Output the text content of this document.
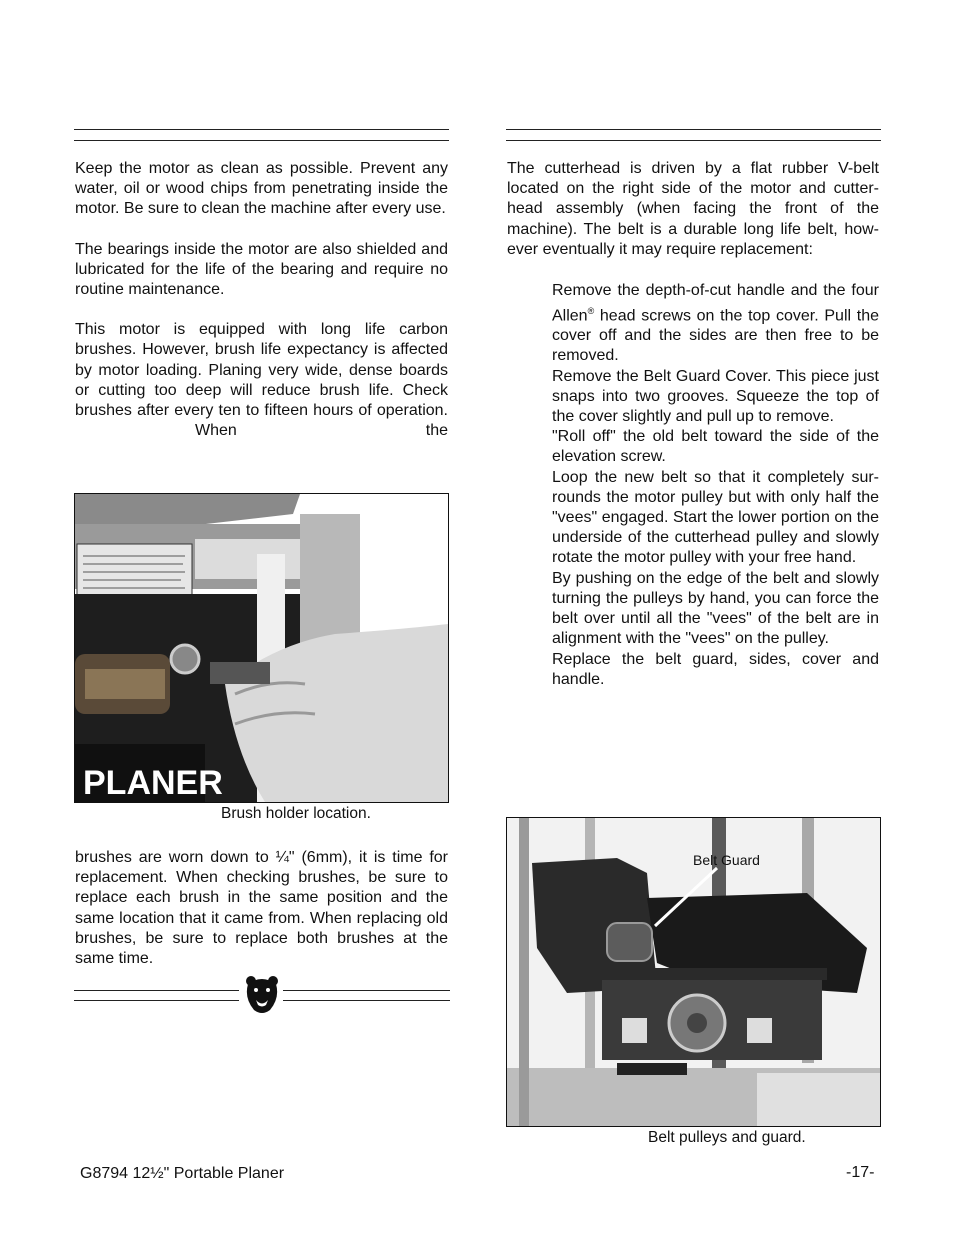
Keep the motor as clean as possible. Prevent any water, oil or wood chips from penetrating inside the motor. Be sure to clean the machine after every use.

The bearings inside the motor are also shielded and lubricated for the life of the bearing and require no routine maintenance.

This motor is equipped with long life carbon brushes. However, brush life expectancy is affected by motor loading. Planing very wide, dense boards or cutting too deep will reduce brush life. Check brushes after every ten to fifteen hours of operation.When the

PLANER
Brush holder location.

brushes are worn down to ¼" (6mm), it is time for replacement. When checking brushes, be sure to replace each brush in the same position and the same location that it came from. When replacing old brushes, be sure to replace both brushes at the same time.

The cutterhead is driven by a flat rubber V-belt located on the right side of the motor and cutter-head assembly (when facing the front of the machine). The belt is a durable long life belt, how-ever eventually it may require replacement:

Remove the depth-of-cut handle and the four Allen® head screws on the top cover. Pull the cover off and the sides are then free to be removed.

Remove the Belt Guard Cover. This piece just snaps into two grooves. Squeeze the top of the cover slightly and pull up to remove.

"Roll off" the old belt toward the side of the elevation screw.

Loop the new belt so that it completely sur-rounds the motor pulley but with only half the "vees" engaged. Start the lower portion on the underside of the cutterhead pulley and slowly rotate the motor pulley with your free hand.

By pushing on the edge of the belt and slowly turning the pulleys by hand, you can force the belt over until all the "vees" of the belt are in alignment with the "vees" on the pulley.

Replace the belt guard, sides, cover and handle.

Belt Guard
Belt pulleys and guard.
G8794 12½" Portable Planer	-17-
